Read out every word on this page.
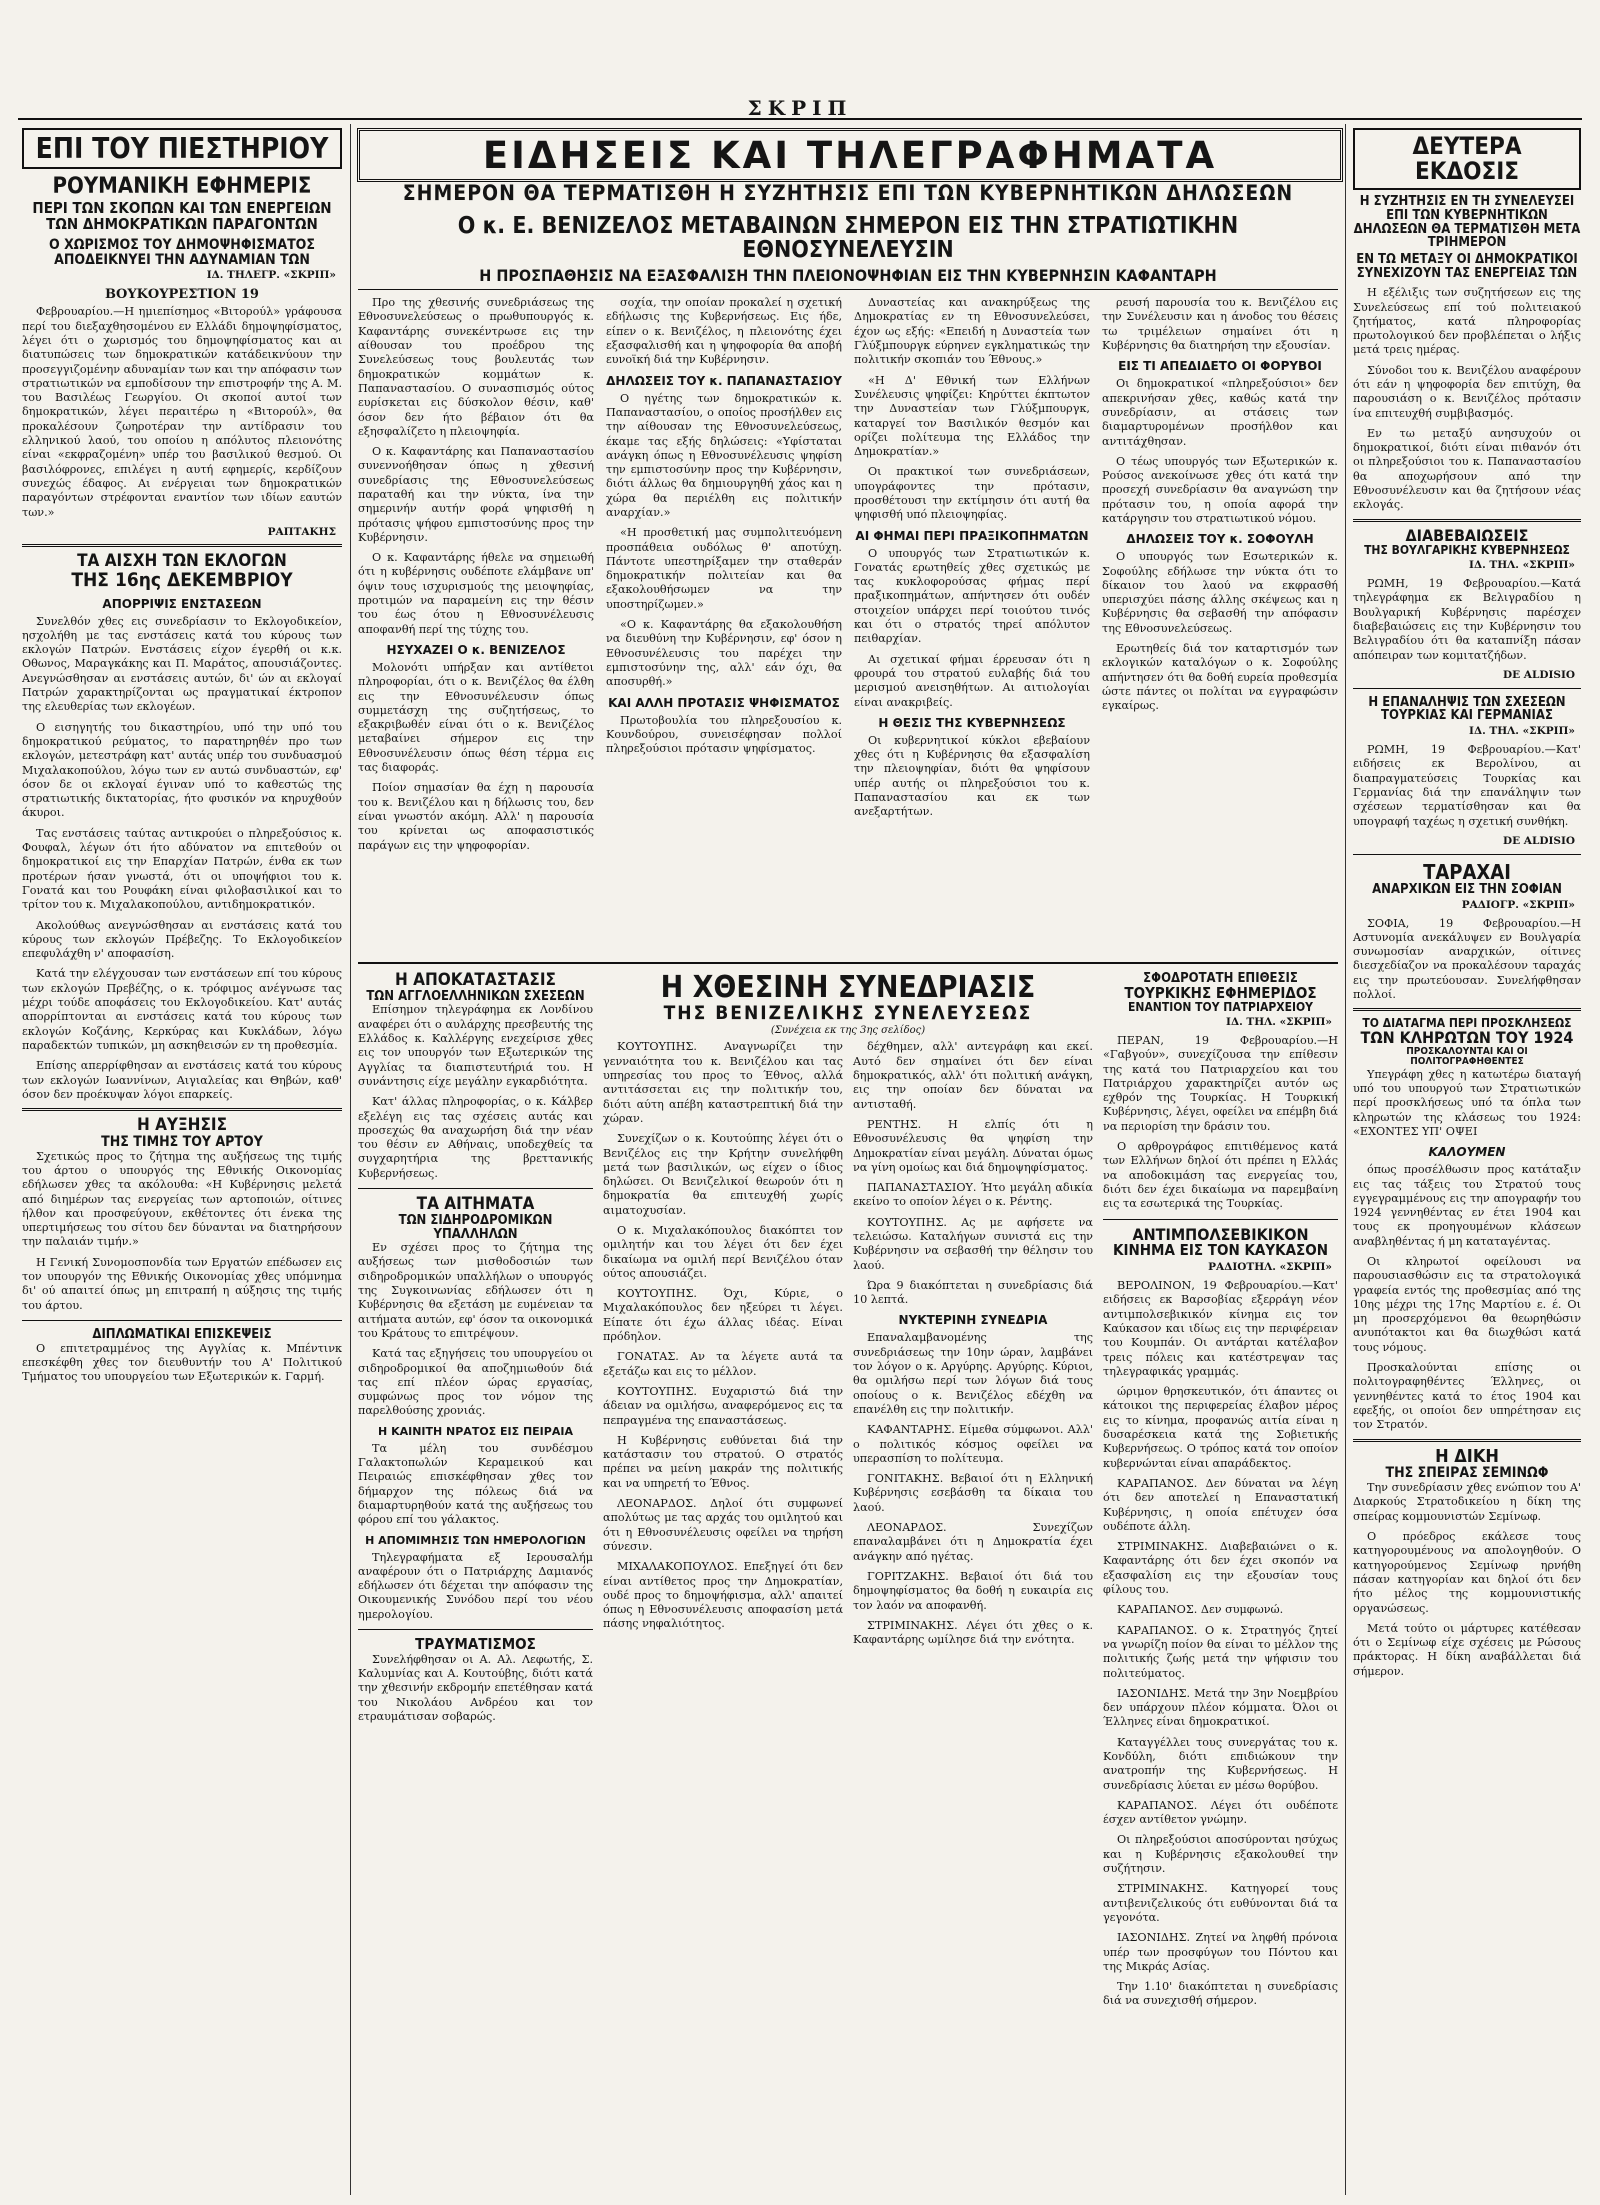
ΣΚΡΙΠ
ΕΙΔΗΣΕΙΣ ΚΑΙ ΤΗΛΕΓΡΑΦΗΜΑΤΑ
ΕΠΙ ΤΟΥ ΠΙΕΣΤΗΡΙΟΥ
ΡΟΥΜΑΝΙΚΗ ΕΦΗΜΕΡΙΣ
ΠΕΡΙ ΤΩΝ ΣΚΟΠΩΝ ΚΑΙ ΤΩΝ ΕΝΕΡΓΕΙΩΝ ΤΩΝ ΔΗΜΟΚΡΑΤΙΚΩΝ ΠΑΡΑΓΟΝΤΩΝ
Ο ΧΩΡΙΣΜΟΣ ΤΟΥ ΔΗΜΟΨΗΦΙΣΜΑΤΟΣ ΑΠΟΔΕΙΚΝΥΕΙ ΤΗΝ ΑΔΥΝΑΜΙΑΝ ΤΩΝ
ΙΔ. ΤΗΛΕΓΡ. «ΣΚΡΙΠ»
ΒΟΥΚΟΥΡΕΣΤΙΟΝ 19

Φεβρουαρίου.—Η ημιεπίσημος «Βιτορούλ» γράφουσα περί του διεξαχθησομένου εν Ελλάδι δημοψηφίσματος, λέγει ότι ο χωρισμός του δημοψηφίσματος και αι διατυπώσεις των δημοκρατικών κατάδεικνύουν την προσεγγιζομένην αδυναμίαν των και την απόφασιν των στρατιωτικών να εμποδίσουν την επιστροφήν της Α. Μ. του Βασιλέως Γεωργίου. Οι σκοποί αυτοί των δημοκρατικών, λέγει περαιτέρω η «Βιτορούλ», θα προκαλέσουν ζωηροτέραν την αντίδρασιν του ελληνικού λαού, του οποίου η απόλυτος πλειονότης είναι «εκφραζομένη» υπέρ του βασιλικού θεσμού. Οι βασιλόφρονες, επιλέγει η αυτή εφημερίς, κερδίζουν συνεχώς έδαφος. Αι ενέργειαι των δημοκρατικών παραγόντων στρέφονται εναντίον των ιδίων εαυτών των.»

ΡΑΠΤΑΚΗΣ
ΤΑ ΑΙΣΧΗ ΤΩΝ ΕΚΛΟΓΩΝ
ΤΗΣ 16ης ΔΕΚΕΜΒΡΙΟΥ
ΑΠΟΡΡΙΨΙΣ ΕΝΣΤΑΣΕΩΝ

Συνελθόν χθες εις συνεδρίασιν το Εκλογοδικείον, ησχολήθη με τας ενστάσεις κατά του κύρους των εκλογών Πατρών. Ενστάσεις είχον έγερθή οι κ.κ. Οθωνος, Μαραγκάκης και Π. Μαράτος, απουσιάζοντες. Ανεγνώσθησαν αι ενστάσεις αυτών, δι' ών αι εκλογαί Πατρών χαρακτηρίζονται ως πραγματικαί έκτροπον της ελευθερίας των εκλογέων.

Ο εισηγητής του δικαστηρίου, υπό την υπό του δημοκρατικού ρεύματος, το παρατηρηθέν προ των εκλογών, μετεστράφη κατ' αυτάς υπέρ του συνδυασμού Μιχαλακοπούλου, λόγω των εν αυτώ συνδυαστών, εφ' όσον δε οι εκλογαί έγιναν υπό το καθεστώς της στρατιωτικής δικτατορίας, ήτο φυσικόν να κηρυχθούν άκυροι.

Τας ενστάσεις ταύτας αντικρούει ο πληρεξούσιος κ. Φουφαλ, λέγων ότι ήτο αδύνατον να επιτεθούν οι δημοκρατικοί εις την Επαρχίαν Πατρών, ένθα εκ των προτέρων ήσαν γνωστά, ότι οι υποψήφιοι του κ. Γονατά και του Ρουφάκη είναι φιλοβασιλικοί και το τρίτον του κ. Μιχαλακοπούλου, αντιδημοκρατικόν.

Ακολούθως ανεγνώσθησαν αι ενστάσεις κατά του κύρους των εκλογών Πρέβεζης. Το Εκλογοδικείον επεφυλάχθη ν' αποφασίση.

Κατά την ελέγχουσαν των ενστάσεων επί του κύρους των εκλογών Πρεβέζης, ο κ. τρόφιμος ανέγνωσε τας μέχρι τούδε αποφάσεις του Εκλογοδικείου. Κατ' αυτάς απορρίπτονται αι ενστάσεις κατά του κύρους των εκλογών Κοζάνης, Κερκύρας και Κυκλάδων, λόγω παραδεκτών τυπικών, μη ασκηθεισών εν τη προθεσμία.

Επίσης απερρίφθησαν αι ενστάσεις κατά του κύρους των εκλογών Ιωαννίνων, Αιγιαλείας και Θηβών, καθ' όσον δεν προέκυψαν λόγοι επαρκείς.

Η ΑΥΞΗΣΙΣ
ΤΗΣ ΤΙΜΗΣ ΤΟΥ ΑΡΤΟΥ

Σχετικώς προς το ζήτημα της αυξήσεως της τιμής του άρτου ο υπουργός της Εθνικής Οικονομίας εδήλωσεν χθες τα ακόλουθα: «Η Κυβέρνησις μελετά από διημέρων τας ενεργείας των αρτοποιών, οίτινες ήλθον και προσφεύγουν, εκθέτοντες ότι ένεκα της υπερτιμήσεως του σίτου δεν δύνανται να διατηρήσουν την παλαιάν τιμήν.»

Η Γενική Συνομοσπονδία των Εργατών επέδωσεν εις τον υπουργόν της Εθνικής Οικονομίας χθες υπόμνημα δι' ού απαιτεί όπως μη επιτραπή η αύξησις της τιμής του άρτου.

ΔΙΠΛΩΜΑΤΙΚΑΙ ΕΠΙΣΚΕΨΕΙΣ

Ο επιτετραμμένος της Αγγλίας κ. Μπέντινκ επεσκέφθη χθες τον διευθυντήν του Α' Πολιτικού Τμήματος του υπουργείου των Εξωτερικών κ. Γαρμή.

ΣΗΜΕΡΟΝ ΘΑ ΤΕΡΜΑΤΙΣΘΗ Η ΣΥΖΗΤΗΣΙΣ ΕΠΙ ΤΩΝ ΚΥΒΕΡΝΗΤΙΚΩΝ ΔΗΛΩΣΕΩΝ
Ο κ. Ε. ΒΕΝΙΖΕΛΟΣ ΜΕΤΑΒΑΙΝΩΝ ΣΗΜΕΡΟΝ ΕΙΣ ΤΗΝ ΣΤΡΑΤΙΩΤΙΚΗΝ ΕΘΝΟΣΥΝΕΛΕΥΣΙΝ
Η ΠΡΟΣΠΑΘΗΣΙΣ ΝΑ ΕΞΑΣΦΑΛΙΣΗ ΤΗΝ ΠΛΕΙΟΝΟΨΗΦΙΑΝ ΕΙΣ ΤΗΝ ΚΥΒΕΡΝΗΣΙΝ ΚΑΦΑΝΤΑΡΗ

Προ της χθεσινής συνεδριάσεως της Εθνοσυνελεύσεως ο πρωθυπουργός κ. Καφαντάρης συνεκέντρωσε εις την αίθουσαν του προέδρου της Συνελεύσεως τους βουλευτάς των δημοκρατικών κομμάτων κ. Παπαναστασίου. Ο συνασπισμός ούτος ευρίσκεται εις δύσκολον θέσιν, καθ' όσον δεν ήτο βέβαιον ότι θα εξησφαλίζετο η πλειοψηφία.

Ο κ. Καφαντάρης και Παπαναστασίου συνεννοήθησαν όπως η χθεσινή συνεδρίασις της Εθνοσυνελεύσεως παραταθή και την νύκτα, ίνα την σημερινήν αυτήν φορά ψηφισθή η πρότασις ψήφου εμπιστοσύνης προς την Κυβέρνησιν.

Ο κ. Καφαντάρης ήθελε να σημειωθή ότι η κυβέρνησις ουδέποτε ελάμβανε υπ' όψιν τους ισχυρισμούς της μειοψηφίας, προτιμών να παραμείνη εις την θέσιν του έως ότου η Εθνοσυνέλευσις αποφανθή περί της τύχης του.

ΗΣΥΧΑΖΕΙ Ο κ. ΒΕΝΙΖΕΛΟΣ

Μολονότι υπήρξαν και αντίθετοι πληροφορίαι, ότι ο κ. Βενιζέλος θα έλθη εις την Εθνοσυνέλευσιν όπως συμμετάσχη της συζητήσεως, το εξακριβωθέν είναι ότι ο κ. Βενιζέλος μεταβαίνει σήμερον εις την Εθνοσυνέλευσιν όπως θέση τέρμα εις τας διαφοράς.

Ποίον σημασίαν θα έχη η παρουσία του κ. Βενιζέλου και η δήλωσις του, δεν είναι γνωστόν ακόμη. Αλλ' η παρουσία του κρίνεται ως αποφασιστικός παράγων εις την ψηφοφορίαν.

σοχία, την οποίαν προκαλεί η σχετική εδήλωσις της Κυβερνήσεως. Εις ήδε, είπεν ο κ. Βενιζέλος, η πλειονότης έχει εξασφαλισθή και η ψηφοφορία θα αποβή ευνοϊκή διά την Κυβέρνησιν.

ΔΗΛΩΣΕΙΣ ΤΟΥ κ. ΠΑΠΑΝΑΣΤΑΣΙΟΥ

Ο ηγέτης των δημοκρατικών κ. Παπαναστασίου, ο οποίος προσήλθεν εις την αίθουσαν της Εθνοσυνελεύσεως, έκαμε τας εξής δηλώσεις: «Υφίσταται ανάγκη όπως η Εθνοσυνέλευσις ψηφίση την εμπιστοσύνην προς την Κυβέρνησιν, διότι άλλως θα δημιουργηθή χάος και η χώρα θα περιέλθη εις πολιτικήν αναρχίαν.»

«Η προσθετική μας συμπολιτευόμενη προσπάθεια ουδόλως θ' αποτύχη. Πάντοτε υπεστηρίξαμεν την σταθεράν δημοκρατικήν πολιτείαν και θα εξακολουθήσωμεν να την υποστηρίζωμεν.»

«Ο κ. Καφαντάρης θα εξακολουθήση να διευθύνη την Κυβέρνησιν, εφ' όσον η Εθνοσυνέλευσις του παρέχει την εμπιστοσύνην της, αλλ' εάν όχι, θα αποσυρθή.»

ΚΑΙ ΑΛΛΗ ΠΡΟΤΑΣΙΣ ΨΗΦΙΣΜΑΤΟΣ

Πρωτοβουλία του πληρεξουσίου κ. Κουνδούρου, συνεισέφησαν πολλοί πληρεξούσιοι πρότασιν ψηφίσματος.

Δυναστείας και ανακηρύξεως της Δημοκρατίας εν τη Εθνοσυνελεύσει, έχον ως εξής: «Επειδή η Δυναστεία των Γλύξμπουργκ εύρηνεν εγκληματικώς την πολιτικήν σκοπιάν του Έθνους.»

«Η Δ' Εθνική των Ελλήνων Συνέλευσις ψηφίζει: Κηρύττει έκπτωτον την Δυναστείαν των Γλύξμπουργκ, καταργεί τον Βασιλικόν θεσμόν και ορίζει πολίτευμα της Ελλάδος την Δημοκρατίαν.»

Οι πρακτικοί των συνεδριάσεων, υπογράφοντες την πρότασιν, προσθέτουσι την εκτίμησιν ότι αυτή θα ψηφισθή υπό πλειοψηφίας.

ΑΙ ΦΗΜΑΙ ΠΕΡΙ ΠΡΑΞΙΚΟΠΗΜΑΤΩΝ

Ο υπουργός των Στρατιωτικών κ. Γονατάς ερωτηθείς χθες σχετικώς με τας κυκλοφορούσας φήμας περί πραξικοπημάτων, απήντησεν ότι ουδέν στοιχείον υπάρχει περί τοιούτου τινός και ότι ο στρατός τηρεί απόλυτον πειθαρχίαν.

Αι σχετικαί φήμαι έρρευσαν ότι η φρουρά του στρατού ευλαβής διά του μερισμού ανεισηθήτων. Αι αιτιολογίαι είναι ανακριβείς.

Η ΘΕΣΙΣ ΤΗΣ ΚΥΒΕΡΝΗΣΕΩΣ

Οι κυβερνητικοί κύκλοι εβεβαίουν χθες ότι η Κυβέρνησις θα εξασφαλίση την πλειοψηφίαν, διότι θα ψηφίσουν υπέρ αυτής οι πληρεξούσιοι του κ. Παπαναστασίου και εκ των ανεξαρτήτων.

ρευσή παρουσία του κ. Βενιζέλου εις την Συνέλευσιν και η άνοδος του θέσεις τω τριμέλειων σημαίνει ότι η Κυβέρνησις θα διατηρήση την εξουσίαν.

ΕΙΣ ΤΙ ΑΠΕΔΙΔΕΤΟ ΟΙ ΦΟΡΥΒΟΙ

Οι δημοκρατικοί «πληρεξούσιοι» δεν απεκρινήσαν χθες, καθώς κατά την συνεδρίασιν, αι στάσεις των διαμαρτυρομένων προσήλθον και αντιτάχθησαν.

Ο τέως υπουργός των Εξωτερικών κ. Ρούσος ανεκοίνωσε χθες ότι κατά την προσεχή συνεδρίασιν θα αναγνώση την πρότασιν του, η οποία αφορά την κατάργησιν του στρατιωτικού νόμου.

ΔΗΛΩΣΕΙΣ ΤΟΥ κ. ΣΟΦΟΥΛΗ

Ο υπουργός των Εσωτερικών κ. Σοφούλης εδήλωσε την νύκτα ότι το δίκαιον του λαού να εκφρασθή υπερισχύει πάσης άλλης σκέψεως και η Κυβέρνησις θα σεβασθή την απόφασιν της Εθνοσυνελεύσεως.

Ερωτηθείς διά τον καταρτισμόν των εκλογικών καταλόγων ο κ. Σοφούλης απήντησεν ότι θα δοθή ευρεία προθεσμία ώστε πάντες οι πολίται να εγγραφώσιν εγκαίρως.

Η ΑΠΟΚΑΤΑΣΤΑΣΙΣ
ΤΩΝ ΑΓΓΛΟΕΛΛΗΝΙΚΩΝ ΣΧΕΣΕΩΝ

Επίσημον τηλεγράφημα εκ Λονδίνου αναφέρει ότι ο αυλάρχης πρεσβευτής της Ελλάδος κ. Καλλέργης ενεχείρισε χθες εις τον υπουργόν των Εξωτερικών της Αγγλίας τα διαπιστευτήριά του. Η συνάντησις είχε μεγάλην εγκαρδιότητα.

Κατ' άλλας πληροφορίας, ο κ. Κάλβερ εξελέγη εις τας σχέσεις αυτάς και προσεχώς θα αναχωρήση διά την νέαν του θέσιν εν Αθήναις, υποδεχθείς τα συγχαρητήρια της βρεττανικής Κυβερνήσεως.

ΤΑ ΑΙΤΗΜΑΤΑ
ΤΩΝ ΣΙΔΗΡΟΔΡΟΜΙΚΩΝ ΥΠΑΛΛΗΛΩΝ

Εν σχέσει προς το ζήτημα της αυξήσεως των μισθοδοσιών των σιδηροδρομικών υπαλλήλων ο υπουργός της Συγκοινωνίας εδήλωσεν ότι η Κυβέρνησις θα εξετάση με ευμένειαν τα αιτήματα αυτών, εφ' όσον τα οικονομικά του Κράτους το επιτρέψουν.

Κατά τας εξηγήσεις του υπουργείου οι σιδηροδρομικοί θα αποζημιωθούν διά τας επί πλέον ώρας εργασίας, συμφώνως προς τον νόμον της παρελθούσης χρονιάς.

Η ΚΑΙΝΙΤΗ ΝΡΑΤΟΣ ΕΙΣ ΠΕΙΡΑΙΑ

Τα μέλη του συνδέσμου Γαλακτοπωλών Κεραμεικού και Πειραιώς επισκέφθησαν χθες τον δήμαρχον της πόλεως διά να διαμαρτυρηθούν κατά της αυξήσεως του φόρου επί του γάλακτος.

Η ΑΠΟΜΙΜΗΣΙΣ ΤΩΝ ΗΜΕΡΟΛΟΓΙΩΝ

Τηλεγραφήματα εξ Ιερουσαλήμ αναφέρουν ότι ο Πατριάρχης Δαμιανός εδήλωσεν ότι δέχεται την απόφασιν της Οικουμενικής Συνόδου περί του νέου ημερολογίου.

ΤΡΑΥΜΑΤΙΣΜΟΣ

Συνελήφθησαν οι Α. Αλ. Λεφωτής, Σ. Καλυμνίας και Α. Κουτούβης, διότι κατά την χθεσινήν εκδρομήν επετέθησαν κατά του Νικολάου Ανδρέου και τον ετραυμάτισαν σοβαρώς.

Η ΧΘΕΣΙΝΗ ΣΥΝΕΔΡΙΑΣΙΣ
ΤΗΣ ΒΕΝΙΖΕΛΙΚΗΣ ΣΥΝΕΛΕΥΣΕΩΣ
(Συνέχεια εκ της 3ης σελίδος)

ΚΟΥΤΟΥΠΗΣ. Αναγνωρίζει την γενναιότητα του κ. Βενιζέλου και τας υπηρεσίας του προς το Έθνος, αλλά αντιτάσσεται εις την πολιτικήν του, διότι αύτη απέβη καταστρεπτική διά την χώραν.

Συνεχίζων ο κ. Κουτούπης λέγει ότι ο Βενιζέλος εις την Κρήτην συνελήφθη μετά των βασιλικών, ως είχεν ο ίδιος δηλώσει. Οι Βενιζελικοί θεωρούν ότι η δημοκρατία θα επιτευχθή χωρίς αιματοχυσίαν.

Ο κ. Μιχαλακόπουλος διακόπτει τον ομιλητήν και του λέγει ότι δεν έχει δικαίωμα να ομιλή περί Βενιζέλου όταν ούτος απουσιάζει.

ΚΟΥΤΟΥΠΗΣ. Όχι, Κύριε, ο Μιχαλακόπουλος δεν ηξεύρει τι λέγει. Είπατε ότι έχω άλλας ιδέας. Είναι πρόδηλον.

ΓΟΝΑΤΑΣ. Αν τα λέγετε αυτά τα εξετάζω και εις το μέλλον.

ΚΟΥΤΟΥΠΗΣ. Ευχαριστώ διά την άδειαν να ομιλήσω, αναφερόμενος εις τα πεπραγμένα της επαναστάσεως.

Η Κυβέρνησις ευθύνεται διά την κατάστασιν του στρατού. Ο στρατός πρέπει να μείνη μακράν της πολιτικής και να υπηρετή το Έθνος.

ΛΕΟΝΑΡΔΟΣ. Δηλοί ότι συμφωνεί απολύτως με τας αρχάς του ομιλητού και ότι η Εθνοσυνέλευσις οφείλει να τηρήση σύνεσιν.

ΜΙΧΑΛΑΚΟΠΟΥΛΟΣ. Επεξηγεί ότι δεν είναι αντίθετος προς την Δημοκρατίαν, ουδέ προς το δημοψήφισμα, αλλ' απαιτεί όπως η Εθνοσυνέλευσις αποφασίση μετά πάσης νηφαλιότητος.

δέχθημεν, αλλ' αντεγράφη και εκεί. Αυτό δεν σημαίνει ότι δεν είναι δημοκρατικός, αλλ' ότι πολιτική ανάγκη, εις την οποίαν δεν δύναται να αντισταθή.

ΡΕΝΤΗΣ. Η ελπίς ότι η Εθνοσυνέλευσις θα ψηφίση την Δημοκρατίαν είναι μεγάλη. Δύναται όμως να γίνη ομοίως και διά δημοψηφίσματος.

ΠΑΠΑΝΑΣΤΑΣΙΟΥ. Ήτο μεγάλη αδικία εκείνο το οποίον λέγει ο κ. Ρέντης.

ΚΟΥΤΟΥΠΗΣ. Ας με αφήσετε να τελειώσω. Καταλήγων συνιστά εις την Κυβέρνησιν να σεβασθή την θέλησιν του λαού.

Ώρα 9 διακόπτεται η συνεδρίασις διά 10 λεπτά.

ΝΥΚΤΕΡΙΝΗ ΣΥΝΕΔΡΙΑ

Επαναλαμβανομένης της συνεδριάσεως την 10ην ώραν, λαμβάνει τον λόγον ο κ. Αργύρης. Αργύρης. Κύριοι, θα ομιλήσω περί των λόγων διά τους οποίους ο κ. Βενιζέλος εδέχθη να επανέλθη εις την πολιτικήν.

ΚΑΦΑΝΤΑΡΗΣ. Είμεθα σύμφωνοι. Αλλ' ο πολιτικός κόσμος οφείλει να υπερασπίση το πολίτευμα.

ΓΟΝΙΤΑΚΗΣ. Βεβαιοί ότι η Ελληνική Κυβέρνησις εσεβάσθη τα δίκαια του λαού.

ΛΕΟΝΑΡΔΟΣ. Συνεχίζων επαναλαμβάνει ότι η Δημοκρατία έχει ανάγκην από ηγέτας.

ΓΟΡΙΤΖΑΚΗΣ. Βεβαιοί ότι διά του δημοψηφίσματος θα δοθή η ευκαιρία εις τον λαόν να αποφανθή.

ΣΤΡΙΜΙΝΑΚΗΣ. Λέγει ότι χθες ο κ. Καφαντάρης ωμίλησε διά την ενότητα.

ΣΦΟΔΡΟΤΑΤΗ ΕΠΙΘΕΣΙΣ
ΤΟΥΡΚΙΚΗΣ ΕΦΗΜΕΡΙΔΟΣ
ΕΝΑΝΤΙΟΝ ΤΟΥ ΠΑΤΡΙΑΡΧΕΙΟΥ
ΙΔ. ΤΗΛ. «ΣΚΡΙΠ»

ΠΕΡΑΝ, 19 Φεβρουαρίου.—Η «Γαβγούν», συνεχίζουσα την επίθεσιν της κατά του Πατριαρχείου και του Πατριάρχου χαρακτηρίζει αυτόν ως εχθρόν της Τουρκίας. Η Τουρκική Κυβέρνησις, λέγει, οφείλει να επέμβη διά να περιορίση την δράσιν του.

Ο αρθρογράφος επιτιθέμενος κατά των Ελλήνων δηλοί ότι πρέπει η Ελλάς να αποδοκιμάση τας ενεργείας του, διότι δεν έχει δικαίωμα να παρεμβαίνη εις τα εσωτερικά της Τουρκίας.

ΑΝΤΙΜΠΟΛΣΕΒΙΚΙΚΟΝ
ΚΙΝΗΜΑ ΕΙΣ ΤΟΝ ΚΑΥΚΑΣΟΝ
ΡΑΔΙΟΤΗΛ. «ΣΚΡΙΠ»

ΒΕΡΟΛΙΝΟΝ, 19 Φεβρουαρίου.—Κατ' ειδήσεις εκ Βαρσοβίας εξερράγη νέον αντιμπολσεβικικόν κίνημα εις τον Καύκασον και ιδίως εις την περιφέρειαν του Κουμπάν. Οι αντάρται κατέλαβον τρεις πόλεις και κατέστρεψαν τας τηλεγραφικάς γραμμάς.

ώριμον θρησκευτικόν, ότι άπαντες οι κάτοικοι της περιφερείας έλαβον μέρος εις το κίνημα, προφανώς αιτία είναι η δυσαρέσκεια κατά της Σοβιετικής Κυβερνήσεως. Ο τρόπος κατά τον οποίον κυβερνώνται είναι απαράδεκτος.

ΚΑΡΑΠΑΝΟΣ. Δεν δύναται να λέγη ότι δεν αποτελεί η Επαναστατική Κυβέρνησις, η οποία επέτυχεν όσα ουδέποτε άλλη.

ΣΤΡΙΜΙΝΑΚΗΣ. Διαβεβαιώνει ο κ. Καφαντάρης ότι δεν έχει σκοπόν να εξασφαλίση εις την εξουσίαν τους φίλους του.

ΚΑΡΑΠΑΝΟΣ. Δεν συμφωνώ.

ΚΑΡΑΠΑΝΟΣ. Ο κ. Στρατηγός ζητεί να γνωρίζη ποίον θα είναι το μέλλον της πολιτικής ζωής μετά την ψήφισιν του πολιτεύματος.

ΙΑΣΟΝΙΔΗΣ. Μετά την 3ην Νοεμβρίου δεν υπάρχουν πλέον κόμματα. Όλοι οι Έλληνες είναι δημοκρατικοί.

Καταγγέλλει τους συνεργάτας του κ. Κονδύλη, διότι επιδιώκουν την ανατροπήν της Κυβερνήσεως. Η συνεδρίασις λύεται εν μέσω θορύβου.

ΚΑΡΑΠΑΝΟΣ. Λέγει ότι ουδέποτε έσχεν αντίθετον γνώμην.

Οι πληρεξούσιοι αποσύρονται ησύχως και η Κυβέρνησις εξακολουθεί την συζήτησιν.

ΣΤΡΙΜΙΝΑΚΗΣ. Κατηγορεί τους αντιβενιζελικούς ότι ευθύνονται διά τα γεγονότα.

ΙΑΣΟΝΙΔΗΣ. Ζητεί να ληφθή πρόνοια υπέρ των προσφύγων του Πόντου και της Μικράς Ασίας.

Την 1.10' διακόπτεται η συνεδρίασις διά να συνεχισθή σήμερον.

ΔΕΥΤΕΡΑ ΕΚΔΟΣΙΣ
Η ΣΥΖΗΤΗΣΙΣ ΕΝ ΤΗ ΣΥΝΕΛΕΥΣΕΙ ΕΠΙ ΤΩΝ ΚΥΒΕΡΝΗΤΙΚΩΝ ΔΗΛΩΣΕΩΝ ΘΑ ΤΕΡΜΑΤΙΣΘΗ ΜΕΤΑ ΤΡΙΗΜΕΡΟΝ
ΕΝ ΤΩ ΜΕΤΑΞΥ ΟΙ ΔΗΜΟΚΡΑΤΙΚΟΙ ΣΥΝΕΧΙΖΟΥΝ ΤΑΣ ΕΝΕΡΓΕΙΑΣ ΤΩΝ

Η εξέλιξις των συζητήσεων εις της Συνελεύσεως επί τού πολιτειακού ζητήματος, κατά πληροφορίας πρωτολογικού δεν προβλέπεται ο λήξις μετά τρεις ημέρας.

Σύνοδοι του κ. Βενιζέλου αναφέρουν ότι εάν η ψηφοφορία δεν επιτύχη, θα παρουσιάση ο κ. Βενιζέλος πρότασιν ίνα επιτευχθή συμβιβασμός.

Εν τω μεταξύ ανησυχούν οι δημοκρατικοί, διότι είναι πιθανόν ότι οι πληρεξούσιοι του κ. Παπαναστασίου θα αποχωρήσουν από την Εθνοσυνέλευσιν και θα ζητήσουν νέας εκλογάς.

ΔΙΑΒΕΒΑΙΩΣΕΙΣ
ΤΗΣ ΒΟΥΛΓΑΡΙΚΗΣ ΚΥΒΕΡΝΗΣΕΩΣ
ΙΔ. ΤΗΛ. «ΣΚΡΙΠ»

ΡΩΜΗ, 19 Φεβρουαρίου.—Κατά τηλεγράφημα εκ Βελιγραδίου η Βουλγαρική Κυβέρνησις παρέσχεν διαβεβαιώσεις εις την Κυβέρνησιν του Βελιγραδίου ότι θα καταπνίξη πάσαν απόπειραν των κομιτατζήδων.

DE ALDISIO
Η ΕΠΑΝΑΛΗΨΙΣ ΤΩΝ ΣΧΕΣΕΩΝ
ΤΟΥΡΚΙΑΣ ΚΑΙ ΓΕΡΜΑΝΙΑΣ
ΙΔ. ΤΗΛ. «ΣΚΡΙΠ»

ΡΩΜΗ, 19 Φεβρουαρίου.—Κατ' ειδήσεις εκ Βερολίνου, αι διαπραγματεύσεις Τουρκίας και Γερμανίας διά την επανάληψιν των σχέσεων τερματίσθησαν και θα υπογραφή ταχέως η σχετική συνθήκη.

DE ALDISIO
ΤΑΡΑΧΑΙ
ΑΝΑΡΧΙΚΩΝ ΕΙΣ ΤΗΝ ΣΟΦΙΑΝ
ΡΑΔΙΟΓΡ. «ΣΚΡΙΠ»

ΣΟΦΙΑ, 19 Φεβρουαρίου.—Η Αστυνομία ανεκάλυψεν εν Βουλγαρία συνωμοσίαν αναρχικών, οίτινες διεσχεδίαζον να προκαλέσουν ταραχάς εις την πρωτεύουσαν. Συνελήφθησαν πολλοί.

ΤΟ ΔΙΑΤΑΓΜΑ ΠΕΡΙ ΠΡΟΣΚΛΗΣΕΩΣ
ΤΩΝ ΚΛΗΡΩΤΩΝ ΤΟΥ 1924
ΠΡΟΣΚΑΛΟΥΝΤΑΙ ΚΑΙ ΟΙ ΠΟΛΙΤΟΓΡΑΦΗΘΕΝΤΕΣ

Υπεγράφη χθες η κατωτέρω διαταγή υπό του υπουργού των Στρατιωτικών περί προσκλήσεως υπό τα όπλα των κληρωτών της κλάσεως του 1924: «ΕΧΟΝΤΕΣ ΥΠ' ΟΨΕΙ

ΚΑΛΟΥΜΕΝ

όπως προσέλθωσιν προς κατάταξιν εις τας τάξεις του Στρατού τους εγγεγραμμένους εις την απογραφήν του 1924 γεννηθέντας εν έτει 1904 και τους εκ προηγουμένων κλάσεων αναβληθέντας ή μη καταταγέντας.

Οι κληρωτοί οφείλουσι να παρουσιασθώσιν εις τα στρατολογικά γραφεία εντός της προθεσμίας από της 10ης μέχρι της 17ης Μαρτίου ε. έ. Οι μη προσερχόμενοι θα θεωρηθώσιν ανυπότακτοι και θα διωχθώσι κατά τους νόμους.

Προσκαλούνται επίσης οι πολιτογραφηθέντες Έλληνες, οι γεννηθέντες κατά το έτος 1904 και εφεξής, οι οποίοι δεν υπηρέτησαν εις τον Στρατόν.

Η ΔΙΚΗ
ΤΗΣ ΣΠΕΙΡΑΣ ΣΕΜΙΝΩΦ

Την συνεδρίασιν χθες ενώπιον του Α' Διαρκούς Στρατοδικείου η δίκη της σπείρας κομμουνιστών Σεμίνωφ.

Ο πρόεδρος εκάλεσε τους κατηγορουμένους να απολογηθούν. Ο κατηγορούμενος Σεμίνωφ ηρνήθη πάσαν κατηγορίαν και δηλοί ότι δεν ήτο μέλος της κομμουνιστικής οργανώσεως.

Μετά τούτο οι μάρτυρες κατέθεσαν ότι ο Σεμίνωφ είχε σχέσεις με Ρώσους πράκτορας. Η δίκη αναβάλλεται διά σήμερον.
